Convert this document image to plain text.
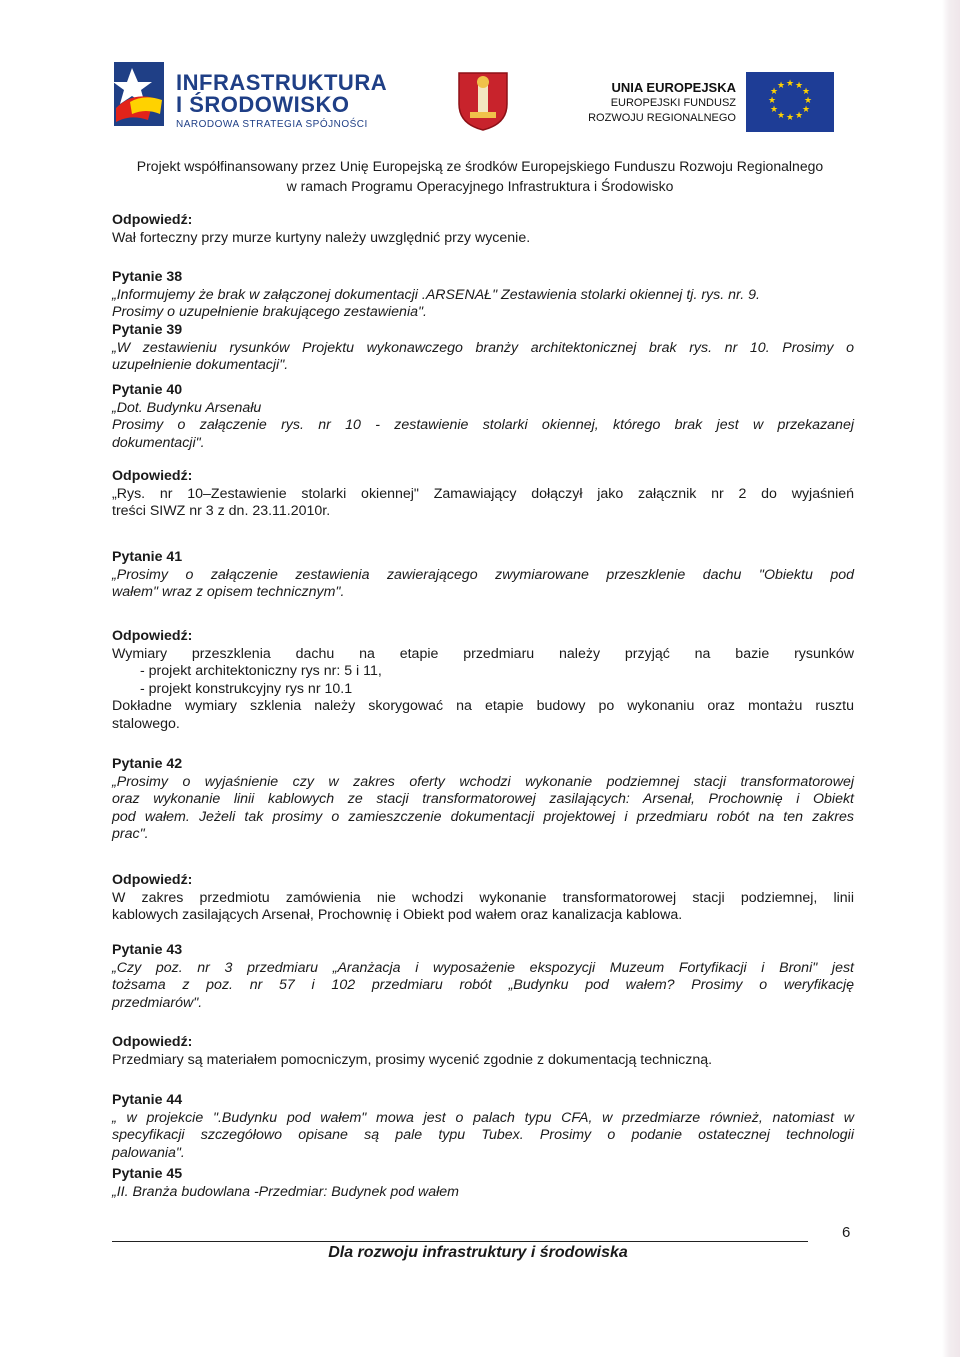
INFRASTRUKTURA
I ŚRODOWISKO
NARODOWA STRATEGIA SPÓJNOŚCI
UNIA EUROPEJSKA
EUROPEJSKI FUNDUSZ
ROZWOJU REGIONALNEGO
★ ★
★
★
★
★
★
★
★
★
★
★
Projekt współfinansowany przez Unię Europejską ze środków Europejskiego Funduszu Rozwoju Regionalnego
w ramach Programu Operacyjnego Infrastruktura i Środowisko
Odpowiedź:
Wał forteczny przy murze kurtyny należy uwzględnić przy wycenie.
Pytanie 38
„Informujemy że brak w załączonej dokumentacji .ARSENAŁ" Zestawienia stolarki okiennej tj. rys. nr. 9.
Prosimy o uzupełnienie brakującego zestawienia".
Pytanie 39
„W zestawieniu rysunków Projektu wykonawczego branży architektonicznej brak rys. nr 10. Prosimy o
uzupełnienie dokumentacji".
Pytanie 40
„Dot. Budynku Arsenału
Prosimy o załączenie rys. nr 10 - zestawienie stolarki okiennej, którego brak jest w przekazanej
dokumentacji".
Odpowiedź:
„Rys. nr 10–Zestawienie stolarki okiennej" Zamawiający dołączył jako załącznik nr 2 do wyjaśnień
treści SIWZ nr 3 z dn. 23.11.2010r.
Pytanie 41
„Prosimy o załączenie zestawienia zawierającego zwymiarowane przeszklenie dachu "Obiektu pod
wałem" wraz z opisem technicznym".
Odpowiedź:
Wymiary przeszklenia dachu na etapie przedmiaru należy przyjąć na bazie rysunków
- projekt architektoniczny rys nr: 5 i 11,
- projekt konstrukcyjny rys nr 10.1
Dokładne wymiary szklenia należy skorygować na etapie budowy po wykonaniu oraz montażu rusztu
stalowego.
Pytanie 42
„Prosimy o wyjaśnienie czy w zakres oferty wchodzi wykonanie podziemnej stacji transformatorowej
oraz wykonanie linii kablowych ze stacji transformatorowej zasilających: Arsenał, Prochownię i Obiekt
pod wałem. Jeżeli tak prosimy o zamieszczenie dokumentacji projektowej i przedmiaru robót na ten zakres
prac".
Odpowiedź:
W zakres przedmiotu zamówienia nie wchodzi wykonanie transformatorowej stacji podziemnej, linii
kablowych zasilających Arsenał, Prochownię i Obiekt pod wałem oraz kanalizacja kablowa.
Pytanie 43
„Czy poz. nr 3 przedmiaru „Aranżacja i wyposażenie ekspozycji Muzeum Fortyfikacji i Broni" jest
tożsama z poz. nr 57 i 102 przedmiaru robót „Budynku pod wałem? Prosimy o weryfikację
przedmiarów".
Odpowiedź:
Przedmiary są materiałem pomocniczym, prosimy wycenić zgodnie z dokumentacją techniczną.
Pytanie 44
„ w projekcie ".Budynku pod wałem" mowa jest o palach typu CFA, w przedmiarze również, natomiast w
specyfikacji szczegółowo opisane są pale typu Tubex. Prosimy o podanie ostatecznej technologii
palowania".
Pytanie 45
„II. Branża budowlana -Przedmiar: Budynek pod wałem
6
Dla rozwoju infrastruktury i środowiska
